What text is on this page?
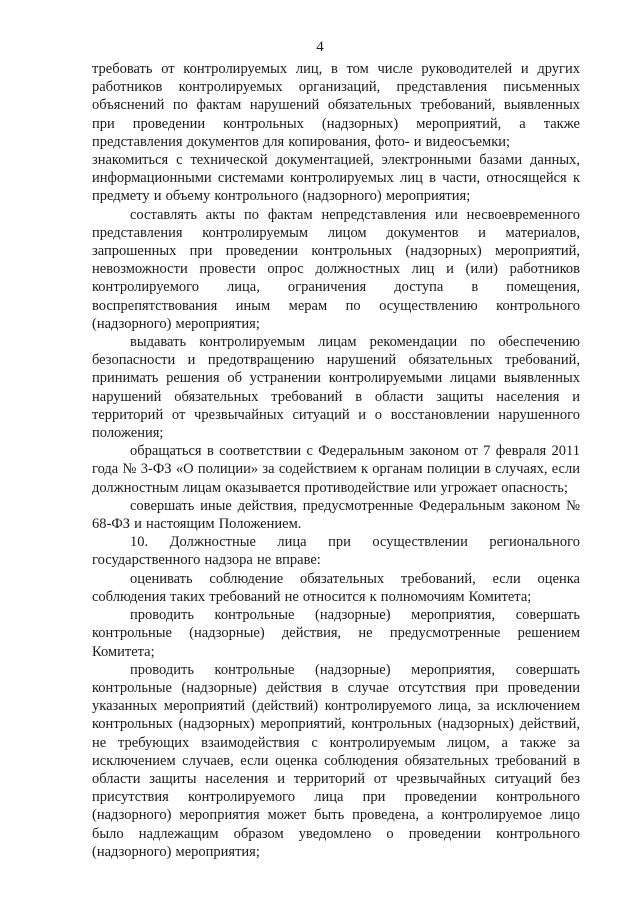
4

требовать от контролируемых лиц, в том числе руководителей и других работников контролируемых организаций, представления письменных объяснений по фактам нарушений обязательных требований, выявленных при проведении контрольных (надзорных) мероприятий, а также представления документов для копирования, фото- и видеосъемки;

знакомиться с технической документацией, электронными базами данных, информационными системами контролируемых лиц в части, относящейся к предмету и объему контрольного (надзорного) мероприятия;

составлять акты по фактам непредставления или несвоевременного представления контролируемым лицом документов и материалов, запрошенных при проведении контрольных (надзорных) мероприятий, невозможности провести опрос должностных лиц и (или) работников контролируемого лица, ограничения доступа в помещения, воспрепятствования иным мерам по осуществлению контрольного (надзорного) мероприятия;

выдавать контролируемым лицам рекомендации по обеспечению безопасности и предотвращению нарушений обязательных требований, принимать решения об устранении контролируемыми лицами выявленных нарушений обязательных требований в области защиты населения и территорий от чрезвычайных ситуаций и о восстановлении нарушенного положения;

обращаться в соответствии с Федеральным законом от 7 февраля 2011 года № 3-ФЗ «О полиции» за содействием к органам полиции в случаях, если должностным лицам оказывается противодействие или угрожает опасность;

совершать иные действия, предусмотренные Федеральным законом № 68-ФЗ и настоящим Положением.

10. Должностные лица при осуществлении регионального государственного надзора не вправе:

оценивать соблюдение обязательных требований, если оценка соблюдения таких требований не относится к полномочиям Комитета;

проводить контрольные (надзорные) мероприятия, совершать контрольные (надзорные) действия, не предусмотренные решением Комитета;

проводить контрольные (надзорные) мероприятия, совершать контрольные (надзорные) действия в случае отсутствия при проведении указанных мероприятий (действий) контролируемого лица, за исключением контрольных (надзорных) мероприятий, контрольных (надзорных) действий, не требующих взаимодействия с контролируемым лицом, а также за исключением случаев, если оценка соблюдения обязательных требований в области защиты населения и территорий от чрезвычайных ситуаций без присутствия контролируемого лица при проведении контрольного (надзорного) мероприятия может быть проведена, а контролируемое лицо было надлежащим образом уведомлено о проведении контрольного (надзорного) мероприятия;
